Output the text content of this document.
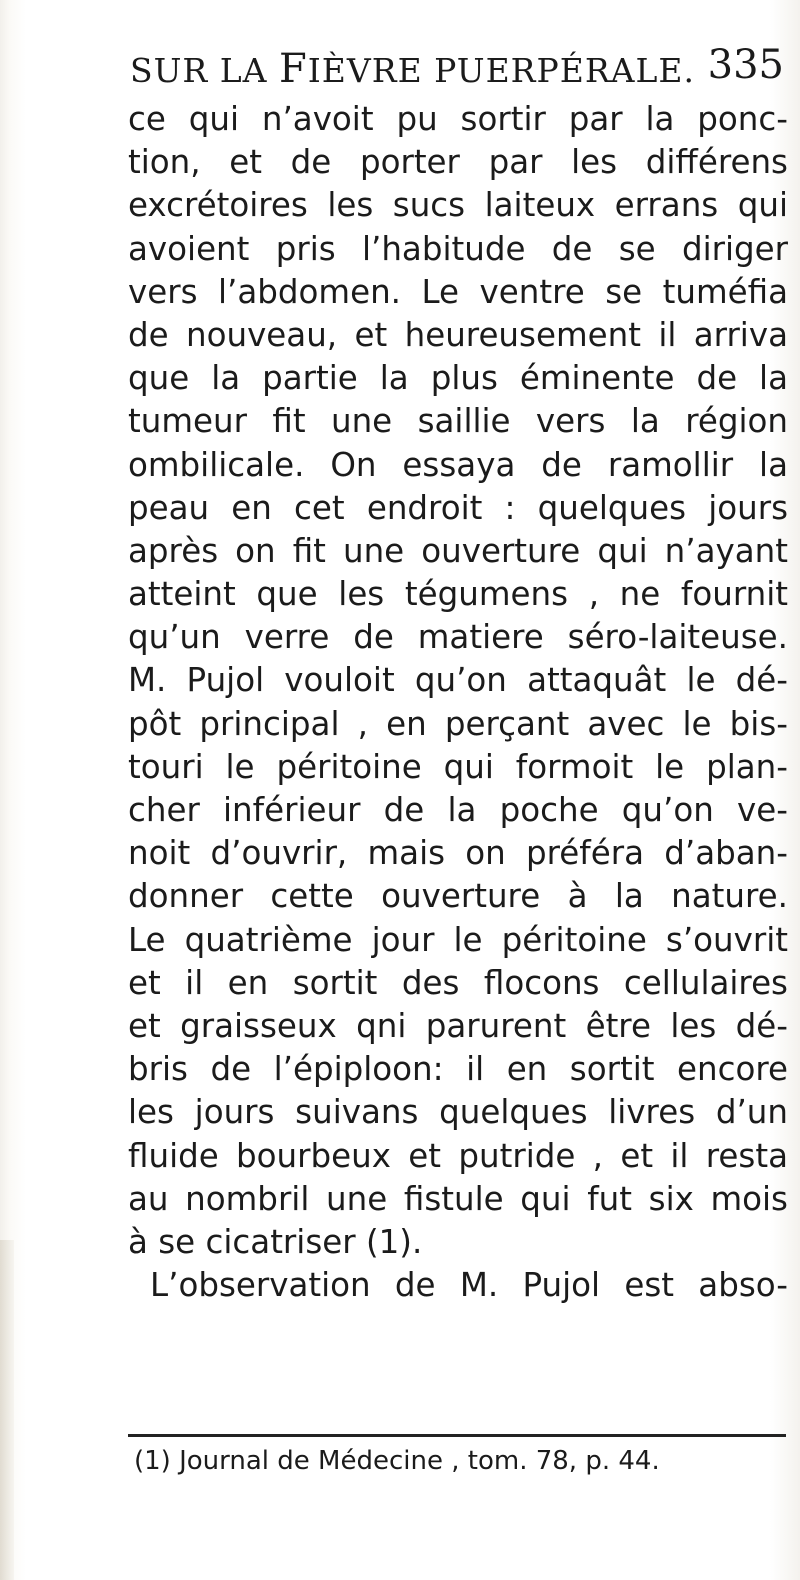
SUR LA FIÈVRE PUERPÉRALE. 335
ce qui n’avoit pu sortir par la ponc-
tion, et de porter par les différens
excrétoires les sucs laiteux errans qui
avoient pris l’habitude de se diriger
vers l’abdomen. Le ventre se tuméfia
de nouveau, et heureusement il arriva
que la partie la plus éminente de la
tumeur fit une saillie vers la région
ombilicale. On essaya de ramollir la
peau en cet endroit : quelques jours
après on fit une ouverture qui n’ayant
atteint que les tégumens , ne fournit
qu’un verre de matiere séro-laiteuse.
M. Pujol vouloit qu’on attaquât le dé-
pôt principal , en perçant avec le bis-
touri le péritoine qui formoit le plan-
cher inférieur de la poche qu’on ve-
noit d’ouvrir, mais on préféra d’aban-
donner cette ouverture à la nature.
Le quatrième jour le péritoine s’ouvrit
et il en sortit des flocons cellulaires
et graisseux qni parurent être les dé-
bris de l’épiploon: il en sortit encore
les jours suivans quelques livres d’un
fluide bourbeux et putride , et il resta
au nombril une fistule qui fut six mois
à se cicatriser (1).
L’observation de M. Pujol est abso-
(1) Journal de Médecine , tom. 78, p. 44.
